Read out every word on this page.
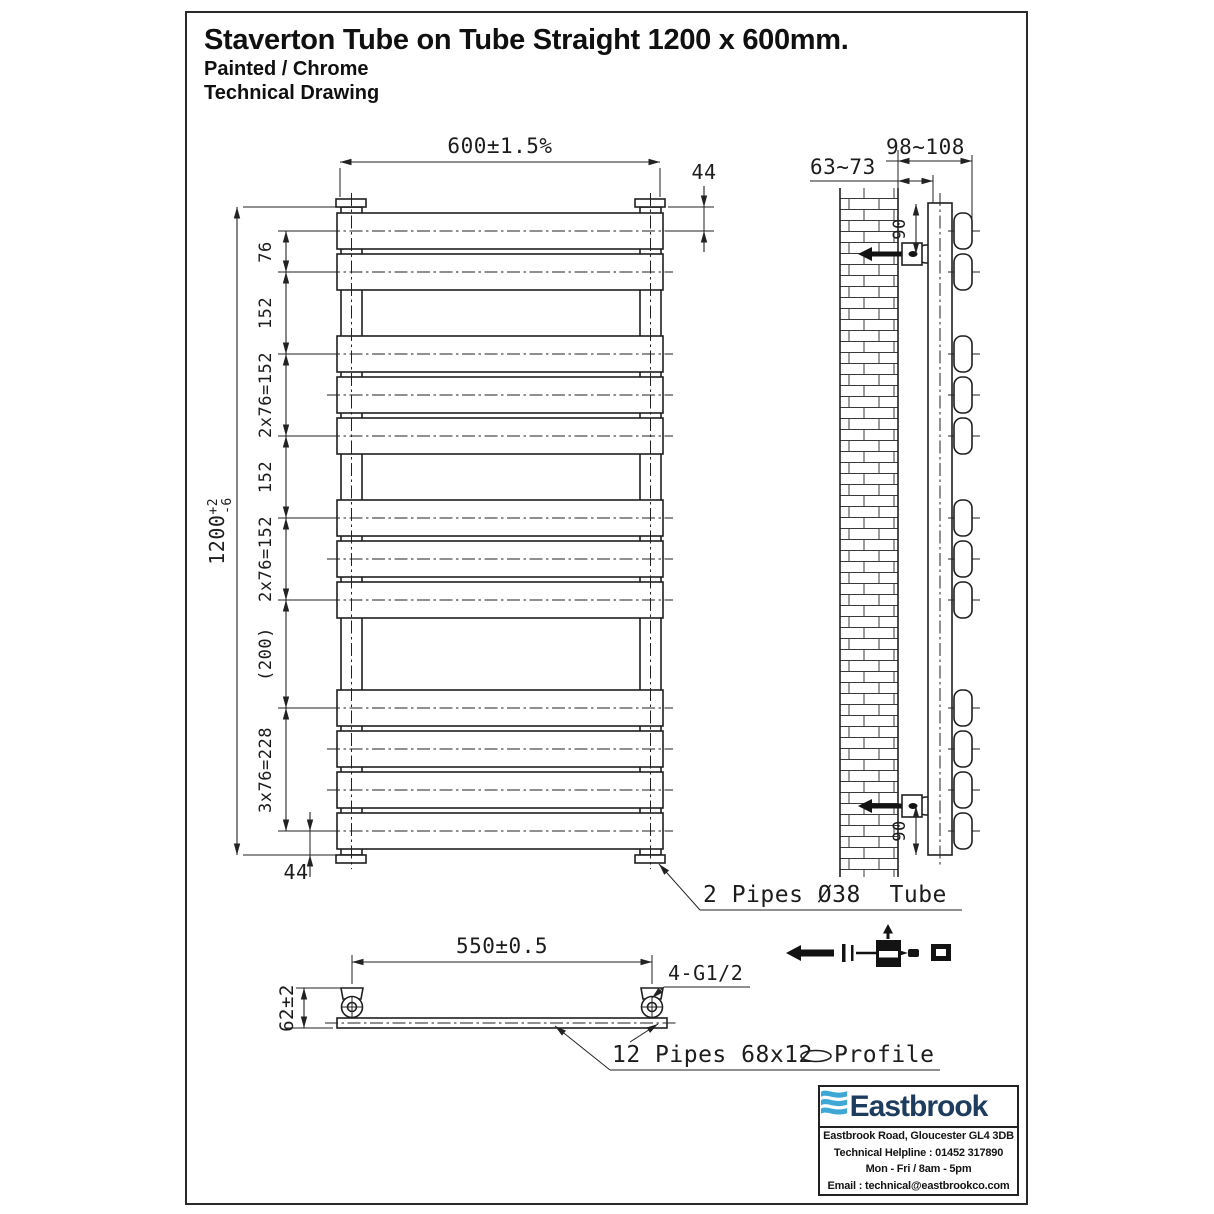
600±1.5%
44
$1200^{+2}-6$
76
152
2x76=152
152
2x76=152
(200)
3x76=228
44
2 Pipes Ø38  Tube
98~108
63~73
90
90
550±0.5
62±2
4-G1/2
12 Pipes 68x12 Profile
Staverton Tube on Tube Straight 1200 x 600mm.
Painted / Chrome
Technical Drawing
Eastbrook
Eastbrook Road, Gloucester GL4 3DB
Technical Helpline : 01452 317890
Mon - Fri / 8am - 5pm
Email : technical@eastbrookco.com
